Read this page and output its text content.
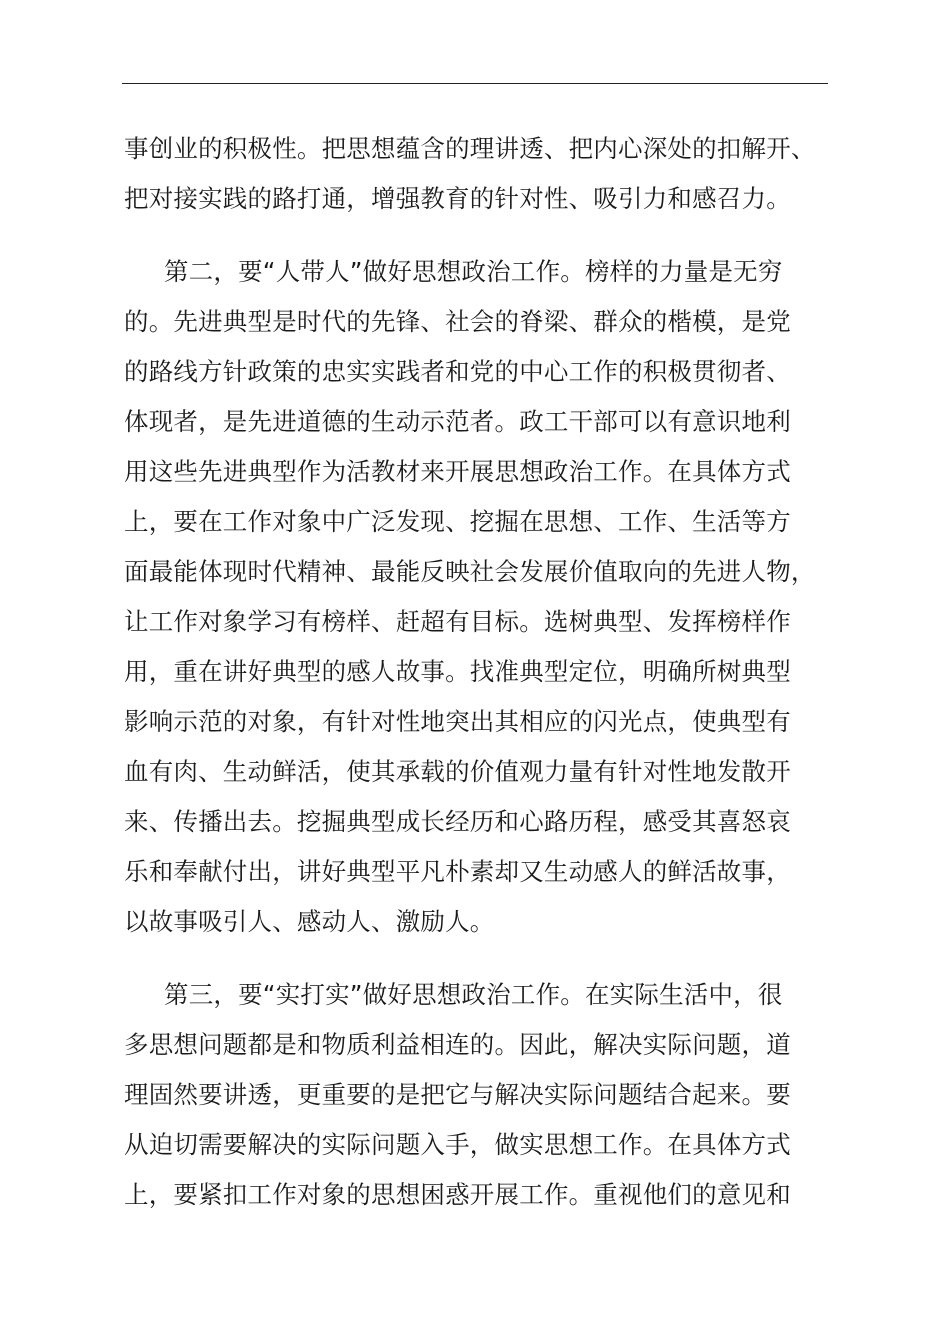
事创业的积极性。把思想蕴含的理讲透、把内心深处的扣解开、
把对接实践的路打通，增强教育的针对性、吸引力和感召力。
第二，要“人带人”做好思想政治工作。榜样的力量是无穷
的。先进典型是时代的先锋、社会的脊梁、群众的楷模，是党
的路线方针政策的忠实实践者和党的中心工作的积极贯彻者、
体现者，是先进道德的生动示范者。政工干部可以有意识地利
用这些先进典型作为活教材来开展思想政治工作。在具体方式
上，要在工作对象中广泛发现、挖掘在思想、工作、生活等方
面最能体现时代精神、最能反映社会发展价值取向的先进人物，
让工作对象学习有榜样、赶超有目标。选树典型、发挥榜样作
用，重在讲好典型的感人故事。找准典型定位，明确所树典型
影响示范的对象，有针对性地突出其相应的闪光点，使典型有
血有肉、生动鲜活，使其承载的价值观力量有针对性地发散开
来、传播出去。挖掘典型成长经历和心路历程，感受其喜怒哀
乐和奉献付出，讲好典型平凡朴素却又生动感人的鲜活故事，
以故事吸引人、感动人、激励人。
第三，要“实打实”做好思想政治工作。在实际生活中，很
多思想问题都是和物质利益相连的。因此，解决实际问题，道
理固然要讲透，更重要的是把它与解决实际问题结合起来。要
从迫切需要解决的实际问题入手，做实思想工作。在具体方式
上，要紧扣工作对象的思想困惑开展工作。重视他们的意见和
